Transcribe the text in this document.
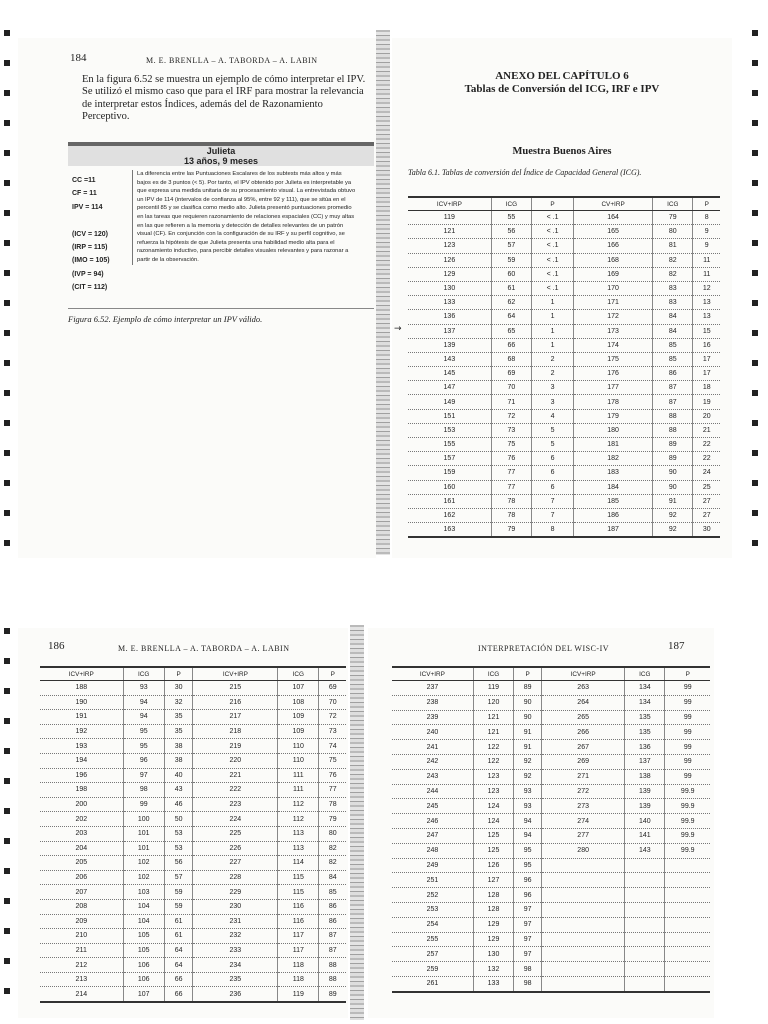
184	M. E. BRENLLA – A. TABORDA – A. LABIN
En la figura 6.52 se muestra un ejemplo de cómo interpretar el IPV. Se utilizó el mismo caso que para el IRF para mostrar la relevancia de interpretar estos Índices, además del de Razonamiento Perceptivo.
Julieta
13 años, 9 meses
CC =11
CF = 11
IPV = 114

(ICV = 120)
(IRP = 115)
(IMO = 105)
(IVP = 94)
(CIT = 112)
La diferencia entre las Puntuaciones Escalares de los subtests más altos y más bajos es de 3 puntos (< 5). Por tanto, el IPV obtenido por Julieta es interpretable ya que expresa una medida unitaria de su procesamiento visual. La entrevistada obtuvo un IPV de 114 (intervalos de confianza al 95%, entre 92 y 111), que se sitúa en el percentil 85 y se clasifica como medio alto. Julieta presentó puntuaciones promedio en las tareas que requieren razonamiento de relaciones espaciales (CC) y muy altas en las que refieren a la memoria y detección de detalles relevantes de un patrón visual (CF). En conjunción con la configuración de su IRF y su perfil cognitivo, se refuerza la hipótesis de que Julieta presenta una habilidad medio alta para el razonamiento inductivo, para percibir detalles visuales relevantes y para razonar a partir de la observación.
Figura 6.52. Ejemplo de cómo interpretar un IPV válido.
ANEXO DEL CAPÍTULO 6
Tablas de Conversión del ICG, IRF e IPV
Muestra Buenos Aires
Tabla 6.1. Tablas de conversión del Índice de Capacidad General (ICG).
→
ICV+IRP	ICG	P	CV+IRP	ICG	P
119	55	< .1	164	79	8
121	56	< .1	165	80	9
123	57	< .1	166	81	9
126	59	< .1	168	82	11
129	60	< .1	169	82	11
130	61	< .1	170	83	12
133	62	1	171	83	13
136	64	1	172	84	13
137	65	1	173	84	15
139	66	1	174	85	16
143	68	2	175	85	17
145	69	2	176	86	17
147	70	3	177	87	18
149	71	3	178	87	19
151	72	4	179	88	20
153	73	5	180	88	21
155	75	5	181	89	22
157	76	6	182	89	22
159	77	6	183	90	24
160	77	6	184	90	25
161	78	7	185	91	27
162	78	7	186	92	27
163	79	8	187	92	30
186	M. E. BRENLLA – A. TABORDA – A. LABIN
ICV+IRP	ICG	P	ICV+IRP	ICG	P
188	93	30	215	107	69
190	94	32	216	108	70
191	94	35	217	109	72
192	95	35	218	109	73
193	95	38	219	110	74
194	96	38	220	110	75
196	97	40	221	111	76
198	98	43	222	111	77
200	99	46	223	112	78
202	100	50	224	112	79
203	101	53	225	113	80
204	101	53	226	113	82
205	102	56	227	114	82
206	102	57	228	115	84
207	103	59	229	115	85
208	104	59	230	116	86
209	104	61	231	116	86
210	105	61	232	117	87
211	105	64	233	117	87
212	106	64	234	118	88
213	106	66	235	118	88
214	107	66	236	119	89
INTERPRETACIÓN DEL WISC-IV	187
ICV+IRP	ICG	P	ICV+IRP	ICG	P
237	119	89	263	134	99
238	120	90	264	134	99
239	121	90	265	135	99
240	121	91	266	135	99
241	122	91	267	136	99
242	122	92	269	137	99
243	123	92	271	138	99
244	123	93	272	139	99.9
245	124	93	273	139	99.9
246	124	94	274	140	99.9
247	125	94	277	141	99.9
248	125	95	280	143	99.9
249	126	95			
251	127	96			
252	128	96			
253	128	97			
254	129	97			
255	129	97			
257	130	97			
259	132	98			
261	133	98			
